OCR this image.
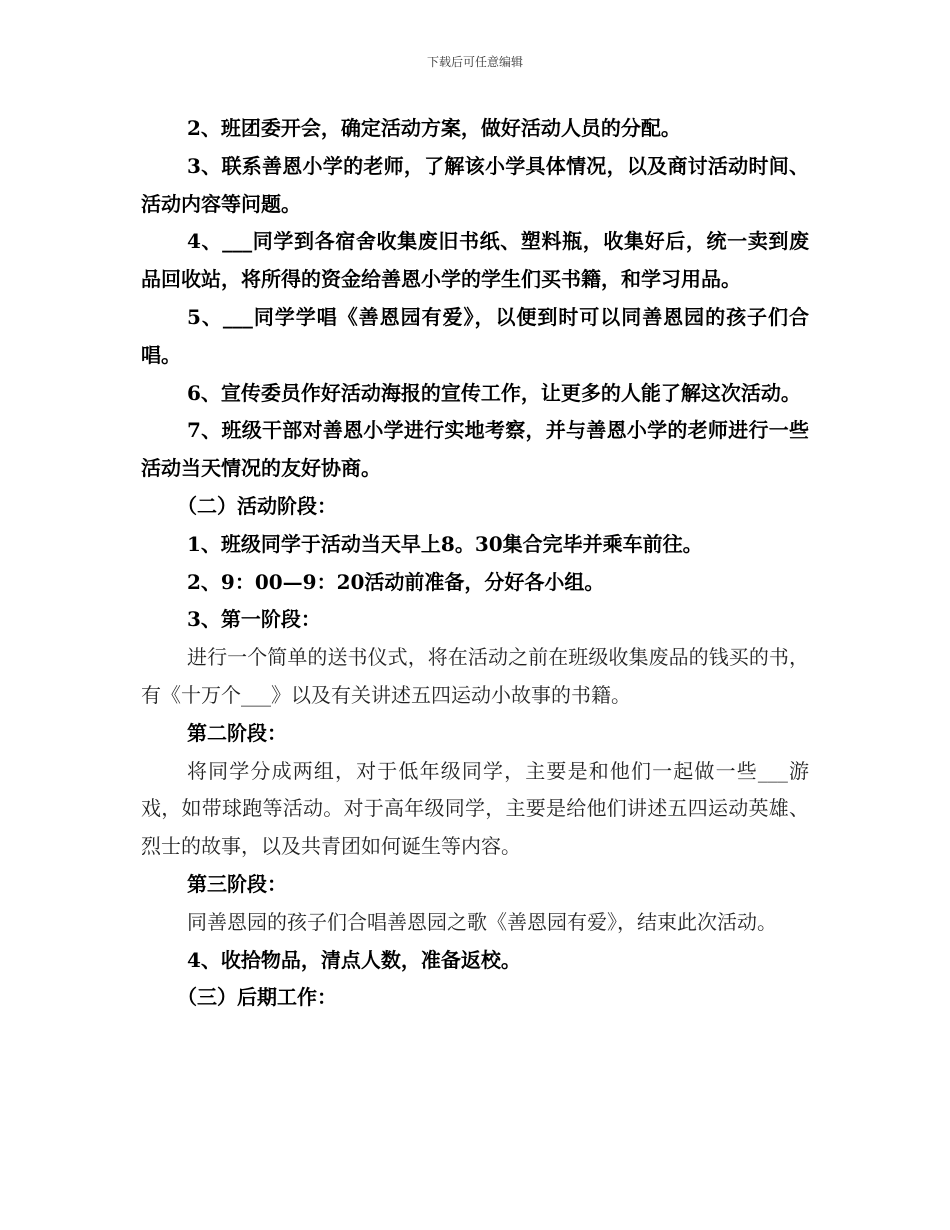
下载后可任意编辑

2、班团委开会，确定活动方案，做好活动人员的分配。

3、联系善恩小学的老师，了解该小学具体情况，以及商讨活动时间、活动内容等问题。

4、___同学到各宿舍收集废旧书纸、塑料瓶，收集好后，统一卖到废品回收站，将所得的资金给善恩小学的学生们买书籍，和学习用品。

5、___同学学唱《善恩园有爱》，以便到时可以同善恩园的孩子们合唱。

6、宣传委员作好活动海报的宣传工作，让更多的人能了解这次活动。

7、班级干部对善恩小学进行实地考察，并与善恩小学的老师进行一些活动当天情况的友好协商。

（二）活动阶段：

1、班级同学于活动当天早上8。30集合完毕并乘车前往。

2、9：00—9：20活动前准备，分好各小组。

3、第一阶段：

进行一个简单的送书仪式，将在活动之前在班级收集废品的钱买的书，有《十万个___》以及有关讲述五四运动小故事的书籍。

第二阶段：

将同学分成两组，对于低年级同学，主要是和他们一起做一些___游戏，如带球跑等活动。对于高年级同学，主要是给他们讲述五四运动英雄、烈士的故事，以及共青团如何诞生等内容。

第三阶段：

同善恩园的孩子们合唱善恩园之歌《善恩园有爱》，结束此次活动。

4、收拾物品，清点人数，准备返校。

（三）后期工作：
